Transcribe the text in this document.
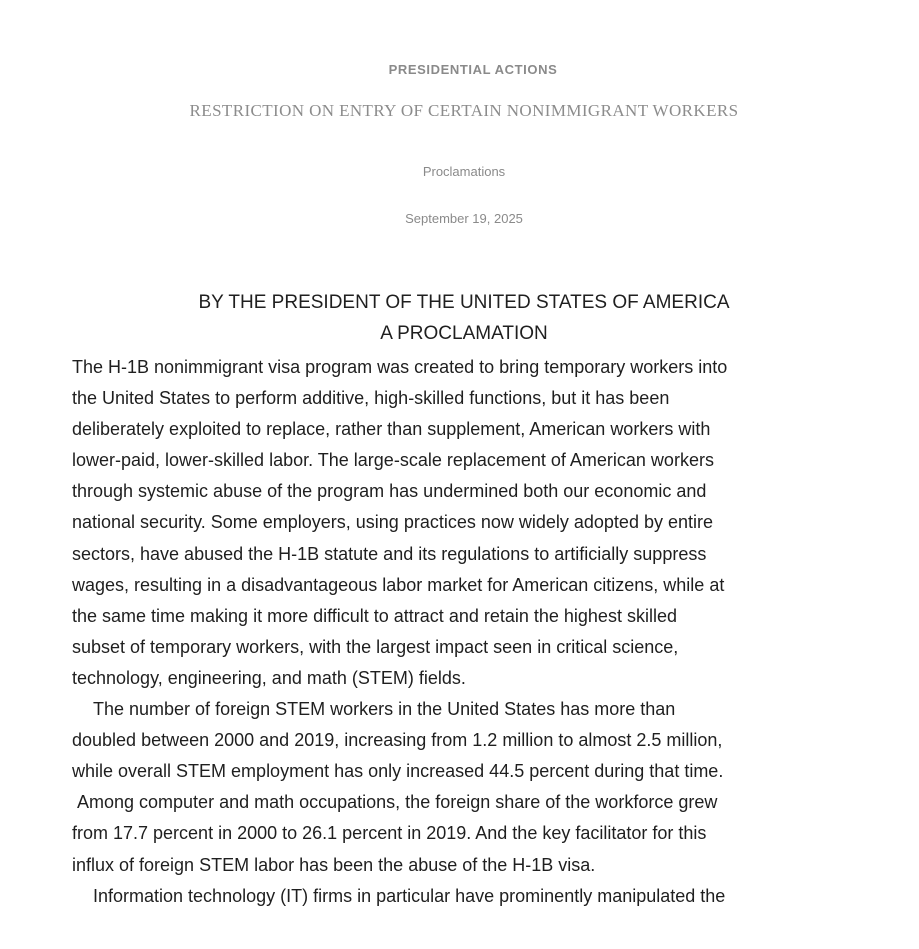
PRESIDENTIAL ACTIONS
RESTRICTION ON ENTRY OF CERTAIN NONIMMIGRANT WORKERS
Proclamations
September 19, 2025
BY THE PRESIDENT OF THE UNITED STATES OF AMERICA
A PROCLAMATION
The H-1B nonimmigrant visa program was created to bring temporary workers into
the United States to perform additive, high-skilled functions, but it has been
deliberately exploited to replace, rather than supplement, American workers with
lower-paid, lower-skilled labor. The large-scale replacement of American workers
through systemic abuse of the program has undermined both our economic and
national security. Some employers, using practices now widely adopted by entire
sectors, have abused the H-1B statute and its regulations to artificially suppress
wages, resulting in a disadvantageous labor market for American citizens, while at
the same time making it more difficult to attract and retain the highest skilled
subset of temporary workers, with the largest impact seen in critical science,
technology, engineering, and math (STEM) fields.
The number of foreign STEM workers in the United States has more than
doubled between 2000 and 2019, increasing from 1.2 million to almost 2.5 million,
while overall STEM employment has only increased 44.5 percent during that time.
Among computer and math occupations, the foreign share of the workforce grew
from 17.7 percent in 2000 to 26.1 percent in 2019. And the key facilitator for this
influx of foreign STEM labor has been the abuse of the H-1B visa.
Information technology (IT) firms in particular have prominently manipulated the
